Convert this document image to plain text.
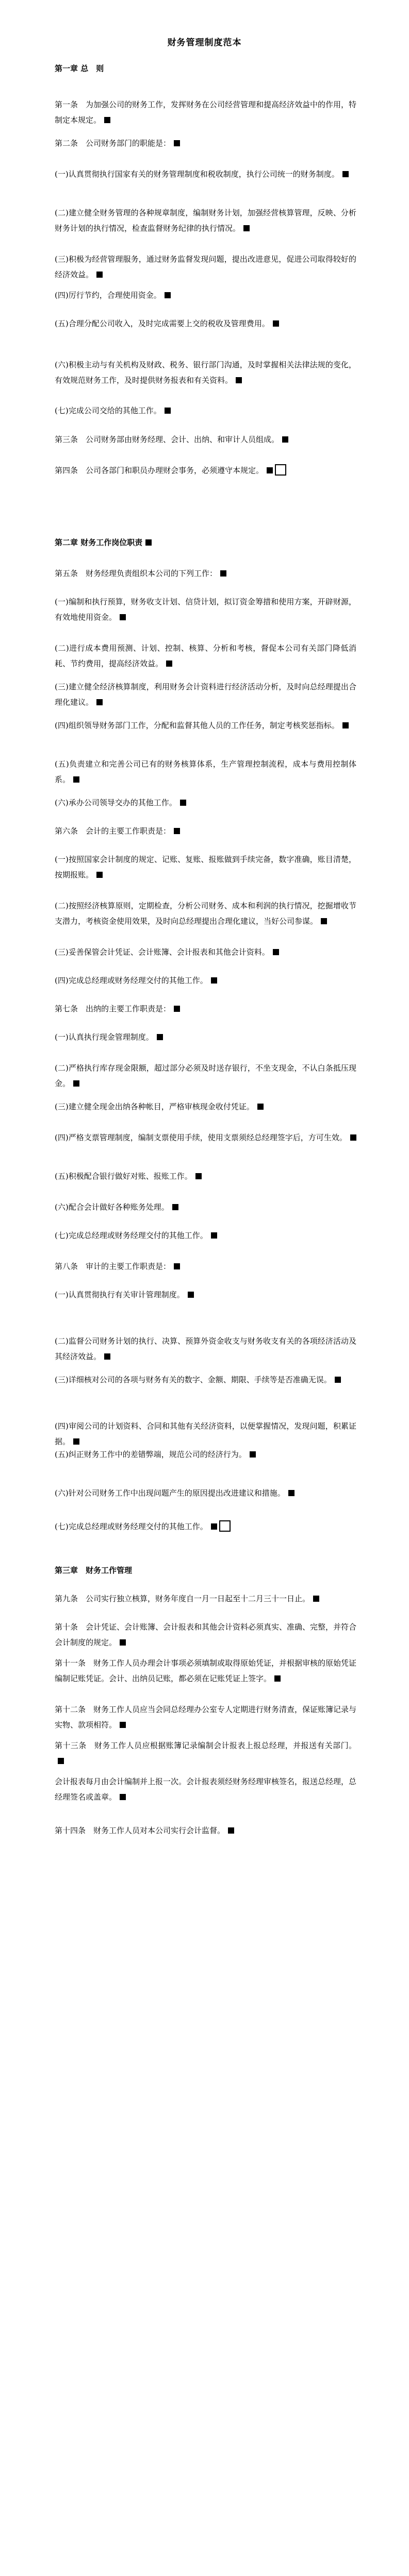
财务管理制度范本
第一章 总　则
第一条　为加强公司的财务工作，发挥财务在公司经营管理和提高经济效益中的作用，特制定本规定。
第二条　公司财务部门的职能是：
(一)认真贯彻执行国家有关的财务管理制度和税收制度，执行公司统一的财务制度。
(二)建立健全财务管理的各种规章制度，编制财务计划，加强经营核算管理，反映、分析财务计划的执行情况，检查监督财务纪律的执行情况。
(三)积极为经营管理服务，通过财务监督发现问题，提出改进意见，促进公司取得较好的经济效益。
(四)厉行节约，合理使用资金。
(五)合理分配公司收入，及时完成需要上交的税收及管理费用。
(六)积极主动与有关机构及财政、税务、银行部门沟通，及时掌握相关法律法规的变化，有效规范财务工作，及时提供财务报表和有关资料。
(七)完成公司交给的其他工作。
第三条　公司财务部由财务经理、会计、出纳、和审计人员组成。
第四条　公司各部门和职员办理财会事务，必须遵守本规定。
第二章 财务工作岗位职责
第五条　财务经理负责组织本公司的下列工作：
(一)编制和执行预算，财务收支计划、信贷计划，拟订资金筹措和使用方案，开辟财源，有效地使用资金。
(二)进行成本费用预测、计划、控制、核算、分析和考核，督促本公司有关部门降低消耗、节约费用，提高经济效益。
(三)建立健全经济核算制度，利用财务会计资料进行经济活动分析，及时向总经理提出合理化建议。
(四)组织领导财务部门工作，分配和监督其他人员的工作任务，制定考核奖惩指标。
(五)负责建立和完善公司已有的财务核算体系，生产管理控制流程，成本与费用控制体系。
(六)承办公司领导交办的其他工作。
第六条　会计的主要工作职责是：
(一)按照国家会计制度的规定、记账、复账、报账做到手续完备，数字准确，账目清楚，按期报账。
(二)按照经济核算原则，定期检查，分析公司财务、成本和利润的执行情况，挖掘增收节支潜力，考核资金使用效果，及时向总经理提出合理化建议，当好公司参谋。
(三)妥善保管会计凭证、会计账簿、会计报表和其他会计资料。
(四)完成总经理或财务经理交付的其他工作。
第七条　出纳的主要工作职责是：
(一)认真执行现金管理制度。
(二)严格执行库存现金限额，超过部分必须及时送存银行，不坐支现金，不认白条抵压现金。
(三)建立健全现金出纳各种帐目，严格审核现金收付凭证。
(四)严格支票管理制度，编制支票使用手续，使用支票须经总经理签字后，方可生效。
(五)积极配合银行做好对账、报账工作。
(六)配合会计做好各种账务处理。
(七)完成总经理或财务经理交付的其他工作。
第八条　审计的主要工作职责是：
(一)认真贯彻执行有关审计管理制度。
(二)监督公司财务计划的执行、决算、预算外资金收支与财务收支有关的各项经济活动及其经济效益。
(三)详细核对公司的各项与财务有关的数字、金额、期限、手续等是否准确无误。
(四)审阅公司的计划资料、合同和其他有关经济资料，以便掌握情况，发现问题，积累证据。
(五)纠正财务工作中的差错弊端，规范公司的经济行为。
(六)针对公司财务工作中出现问题产生的原因提出改进建议和措施。
(七)完成总经理或财务经理交付的其他工作。
第三章　财务工作管理
第九条　公司实行独立核算，财务年度自一月一日起至十二月三十一日止。
第十条　会计凭证、会计账簿、会计报表和其他会计资料必须真实、准确、完整，并符合会计制度的规定。
第十一条　财务工作人员办理会计事项必须填制或取得原始凭证，并根据审核的原始凭证编制记账凭证。会计、出纳员记账，都必须在记账凭证上签字。
第十二条　财务工作人员应当会同总经理办公室专人定期进行财务清查，保证账簿记录与实物、款项相符。
第十三条　财务工作人员应根据账簿记录编制会计报表上报总经理，并报送有关部门。
会计报表每月由会计编制并上报一次。会计报表须经财务经理审核签名，报送总经理，总经理签名或盖章。
第十四条　财务工作人员对本公司实行会计监督。
